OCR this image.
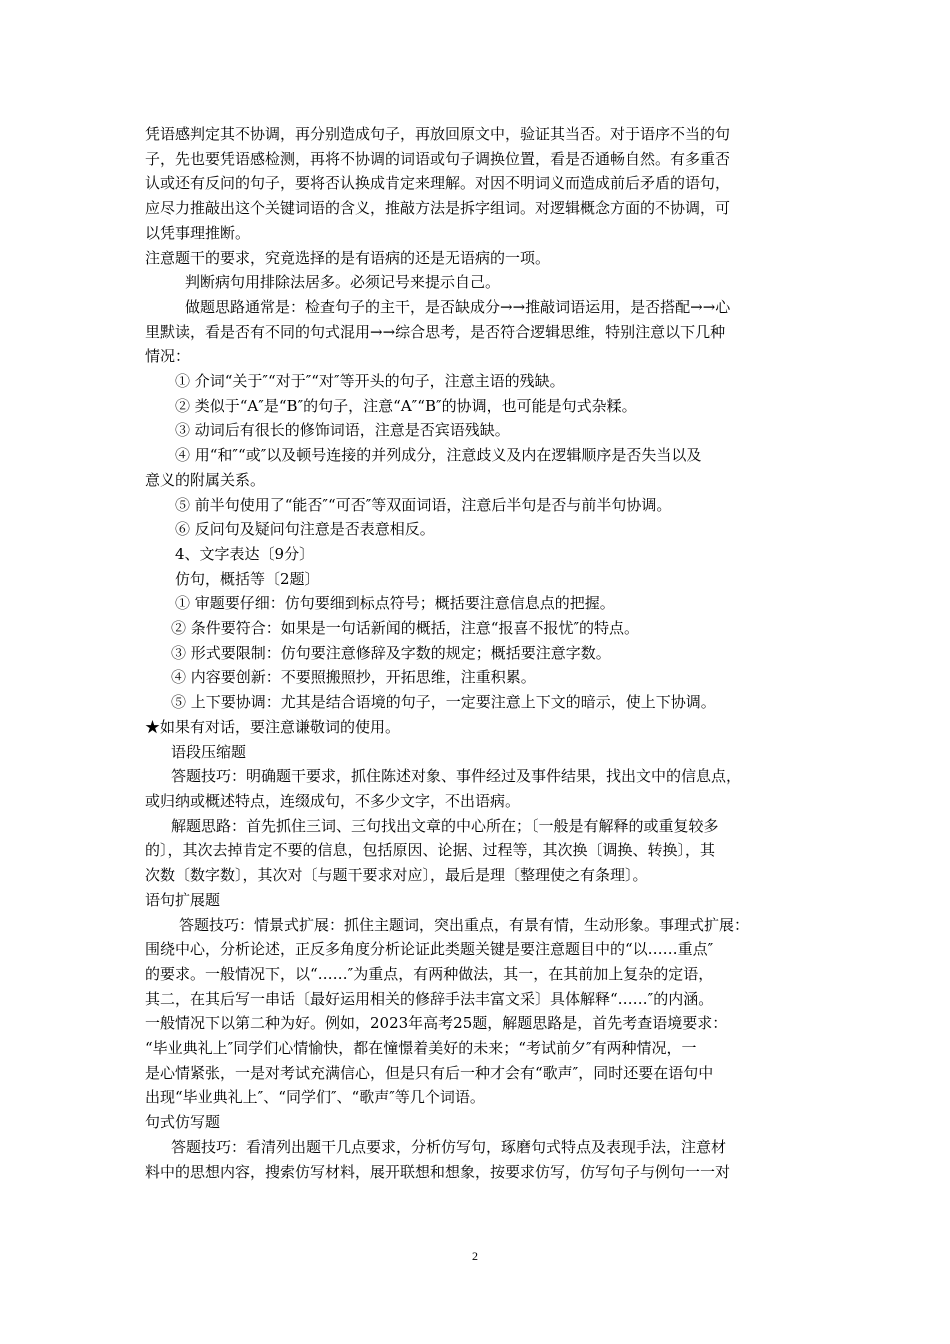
凭语感判定其不协调，再分别造成句子，再放回原文中，验证其当否。对于语序不当的句

子，先也要凭语感检测，再将不协调的词语或句子调换位置，看是否通畅自然。有多重否

认或还有反问的句子，要将否认换成肯定来理解。对因不明词义而造成前后矛盾的语句，

应尽力推敲出这个关键词语的含义，推敲方法是拆字组词。对逻辑概念方面的不协调，可

以凭事理推断。

注意题干的要求，究竟选择的是有语病的还是无语病的一项。

判断病句用排除法居多。必须记号来提示自己。

做题思路通常是：检查句子的主干，是否缺成分→→推敲词语运用，是否搭配→→心

里默读，看是否有不同的句式混用→→综合思考，是否符合逻辑思维，特别注意以下几种

情况：

① 介词“关于″“对于″“对″等开头的句子，注意主语的残缺。

② 类似于“A″是“B″的句子，注意“A″“B″的协调，也可能是句式杂糅。

③ 动词后有很长的修饰词语，注意是否宾语残缺。

④ 用“和″“或″以及顿号连接的并列成分，注意歧义及内在逻辑顺序是否失当以及

意义的附属关系。

⑤ 前半句使用了“能否″“可否″等双面词语，注意后半句是否与前半句协调。

⑥ 反问句及疑问句注意是否表意相反。

4、文字表达〔9分〕

仿句，概括等〔2题〕

① 审题要仔细：仿句要细到标点符号；概括要注意信息点的把握。

② 条件要符合：如果是一句话新闻的概括，注意“报喜不报忧″的特点。

③ 形式要限制：仿句要注意修辞及字数的规定；概括要注意字数。

④ 内容要创新：不要照搬照抄，开拓思维，注重积累。

⑤ 上下要协调：尤其是结合语境的句子，一定要注意上下文的暗示，使上下协调。

★如果有对话，要注意谦敬词的使用。

语段压缩题

答题技巧：明确题干要求，抓住陈述对象、事件经过及事件结果，找出文中的信息点，

或归纳或概述特点，连缀成句，不多少文字，不出语病。

解题思路：首先抓住三词、三句找出文章的中心所在；〔一般是有解释的或重复较多

的〕，其次去掉肯定不要的信息，包括原因、论据、过程等，其次换〔调换、转换〕，其

次数〔数字数〕，其次对〔与题干要求对应〕，最后是理〔整理使之有条理〕。

语句扩展题

答题技巧：情景式扩展：抓住主题词，突出重点，有景有情，生动形象。事理式扩展：

围绕中心，分析论述，正反多角度分析论证此类题关键是要注意题目中的“以……重点″

的要求。一般情况下，以“……″为重点，有两种做法，其一，在其前加上复杂的定语，

其二，在其后写一串话〔最好运用相关的修辞手法丰富文采〕具体解释“……″的内涵。

一般情况下以第二种为好。例如，2023年高考25题，解题思路是，首先考查语境要求：

“毕业典礼上″同学们心情愉快，都在憧憬着美好的未来；“考试前夕″有两种情况，一

是心情紧张，一是对考试充满信心，但是只有后一种才会有“歌声″，同时还要在语句中

出现“毕业典礼上″、“同学们″、“歌声″等几个词语。

句式仿写题

答题技巧：看清列出题干几点要求，分析仿写句，琢磨句式特点及表现手法，注意材

料中的思想内容，搜索仿写材料，展开联想和想象，按要求仿写，仿写句子与例句一一对

2
